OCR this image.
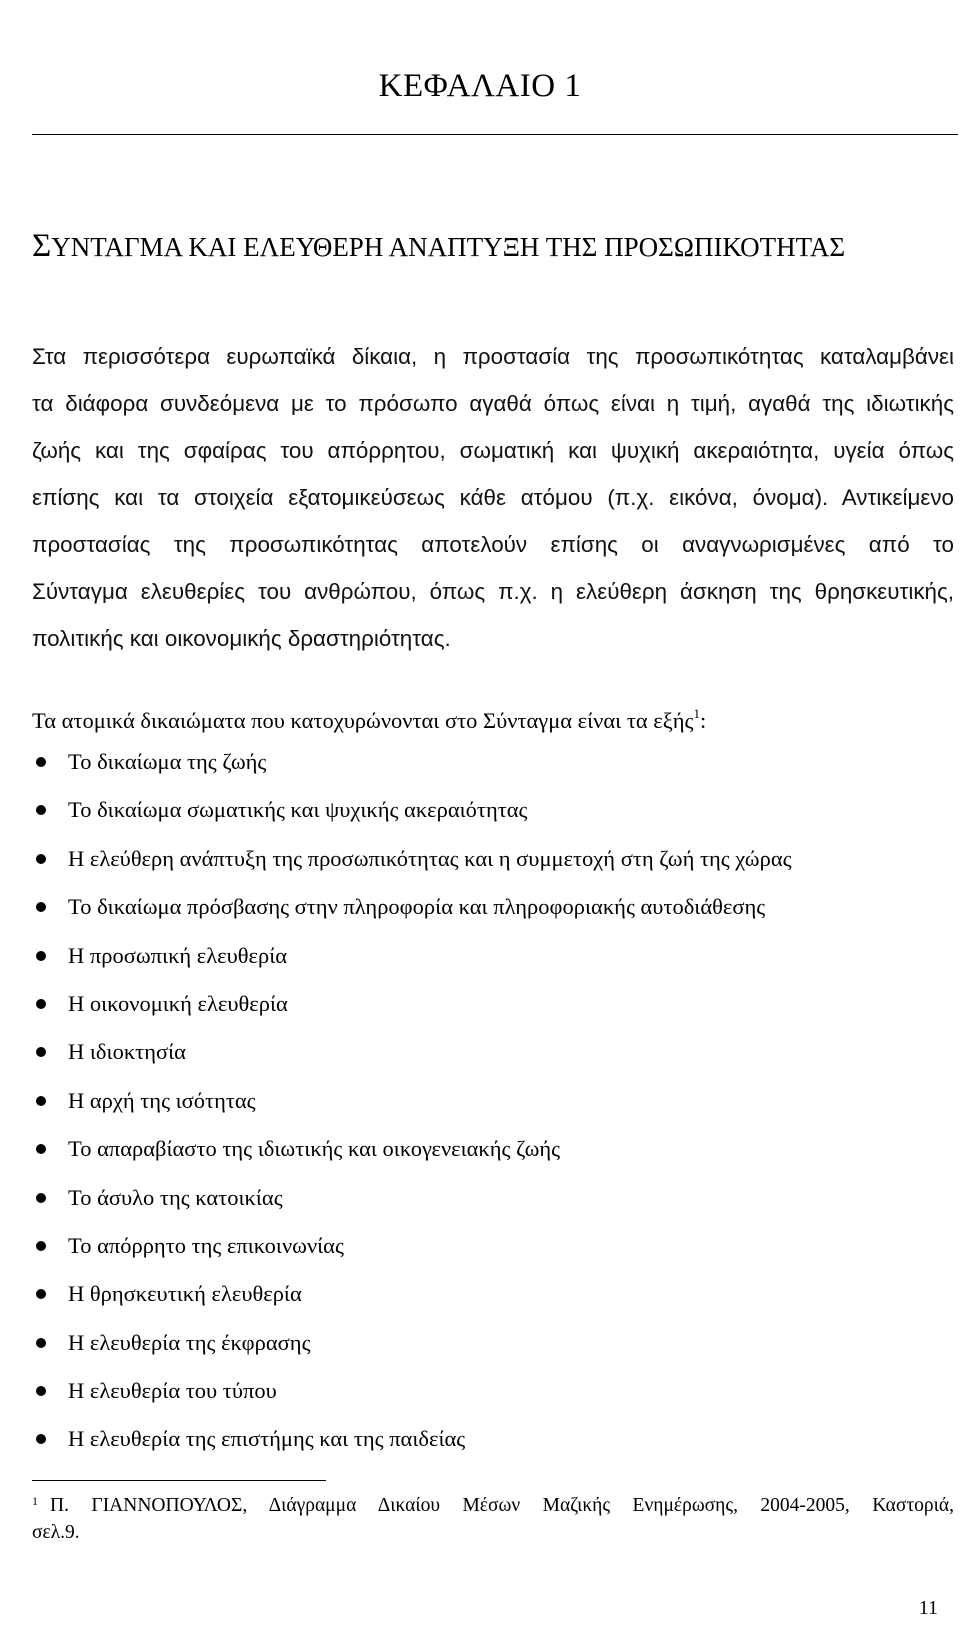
ΚΕΦΑΛΑΙΟ 1
ΣΥΝΤΑΓΜΑ ΚΑΙ ΕΛΕΥΘΕΡΗ ΑΝΑΠΤΥΞΗ ΤΗΣ ΠΡΟΣΩΠΙΚΟΤΗΤΑΣ
Στα περισσότερα ευρωπαϊκά δίκαια, η προστασία της προσωπικότητας καταλαμβάνει
τα διάφορα συνδεόμενα με το πρόσωπο αγαθά όπως είναι η τιμή, αγαθά της ιδιωτικής
ζωής και της σφαίρας του απόρρητου, σωματική και ψυχική ακεραιότητα, υγεία όπως
επίσης και τα στοιχεία εξατομικεύσεως κάθε ατόμου (π.χ. εικόνα, όνομα). Αντικείμενο
προστασίας της προσωπικότητας αποτελούν επίσης οι αναγνωρισμένες από το
Σύνταγμα ελευθερίες του ανθρώπου, όπως π.χ. η ελεύθερη άσκηση της θρησκευτικής,
πολιτικής και οικονομικής δραστηριότητας.
Τα ατομικά δικαιώματα που κατοχυρώνονται στο Σύνταγμα είναι τα εξής$^1$:
Το δικαίωμα της ζωής
Το δικαίωμα σωματικής και ψυχικής ακεραιότητας
Η ελεύθερη ανάπτυξη της προσωπικότητας και η συμμετοχή στη ζωή της χώρας
Το δικαίωμα πρόσβασης στην πληροφορία και πληροφοριακής αυτοδιάθεσης
Η προσωπική ελευθερία
Η οικονομική ελευθερία
Η ιδιοκτησία
Η αρχή της ισότητας
Το απαραβίαστο της ιδιωτικής και οικογενειακής ζωής
Το άσυλο της κατοικίας
Το απόρρητο της επικοινωνίας
Η θρησκευτική ελευθερία
Η ελευθερία της έκφρασης
Η ελευθερία του τύπου
Η ελευθερία της επιστήμης και της παιδείας
$^1$ Π. ΓΙΑΝΝΟΠΟΥΛΟΣ, Διάγραμμα Δικαίου Μέσων Μαζικής Ενημέρωσης, 2004-2005, Καστοριά,
σελ.9.
11
